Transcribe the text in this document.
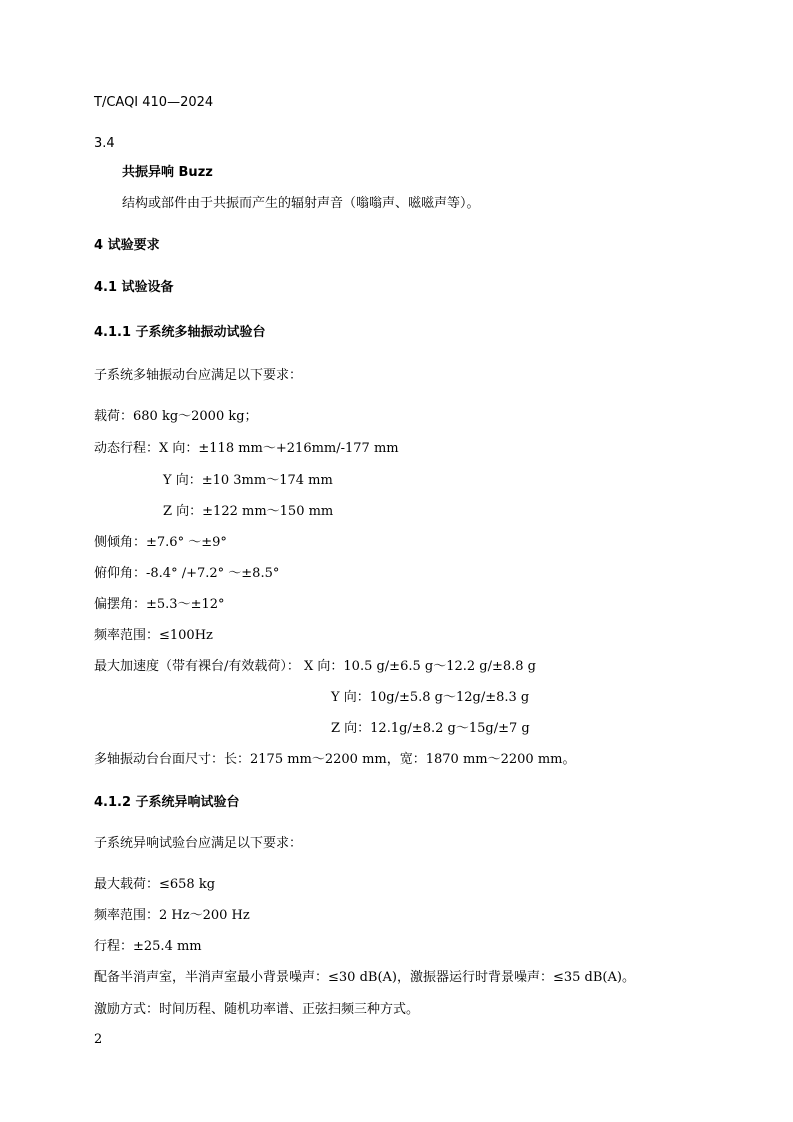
T/CAQI 410—2024
3.4
共振异响 Buzz
结构或部件由于共振而产生的辐射声音（嗡嗡声、嗞嗞声等）。
4 试验要求
4.1 试验设备
4.1.1 子系统多轴振动试验台
子系统多轴振动台应满足以下要求：
载荷：680 kg～2000 kg；
动态行程：X 向：±118 mm～+216mm/-177 mm
Y 向：±10 3mm～174 mm
Z 向：±122 mm～150 mm
侧倾角：±7.6° ～±9°
俯仰角：-8.4° /+7.2° ～±8.5°
偏摆角：±5.3～±12°
频率范围：≤100Hz
最大加速度（带有裸台/有效载荷）： X 向：10.5 g/±6.5 g～12.2 g/±8.8 g
Y 向：10g/±5.8 g～12g/±8.3 g
Z 向：12.1g/±8.2 g～15g/±7 g
多轴振动台台面尺寸：长：2175 mm～2200 mm，宽：1870 mm～2200 mm。
4.1.2 子系统异响试验台
子系统异响试验台应满足以下要求：
最大载荷：≤658 kg
频率范围：2 Hz～200 Hz
行程：±25.4 mm
配备半消声室，半消声室最小背景噪声：≤30 dB(A)，激振器运行时背景噪声：≤35 dB(A)。
激励方式：时间历程、随机功率谱、正弦扫频三种方式。
2
